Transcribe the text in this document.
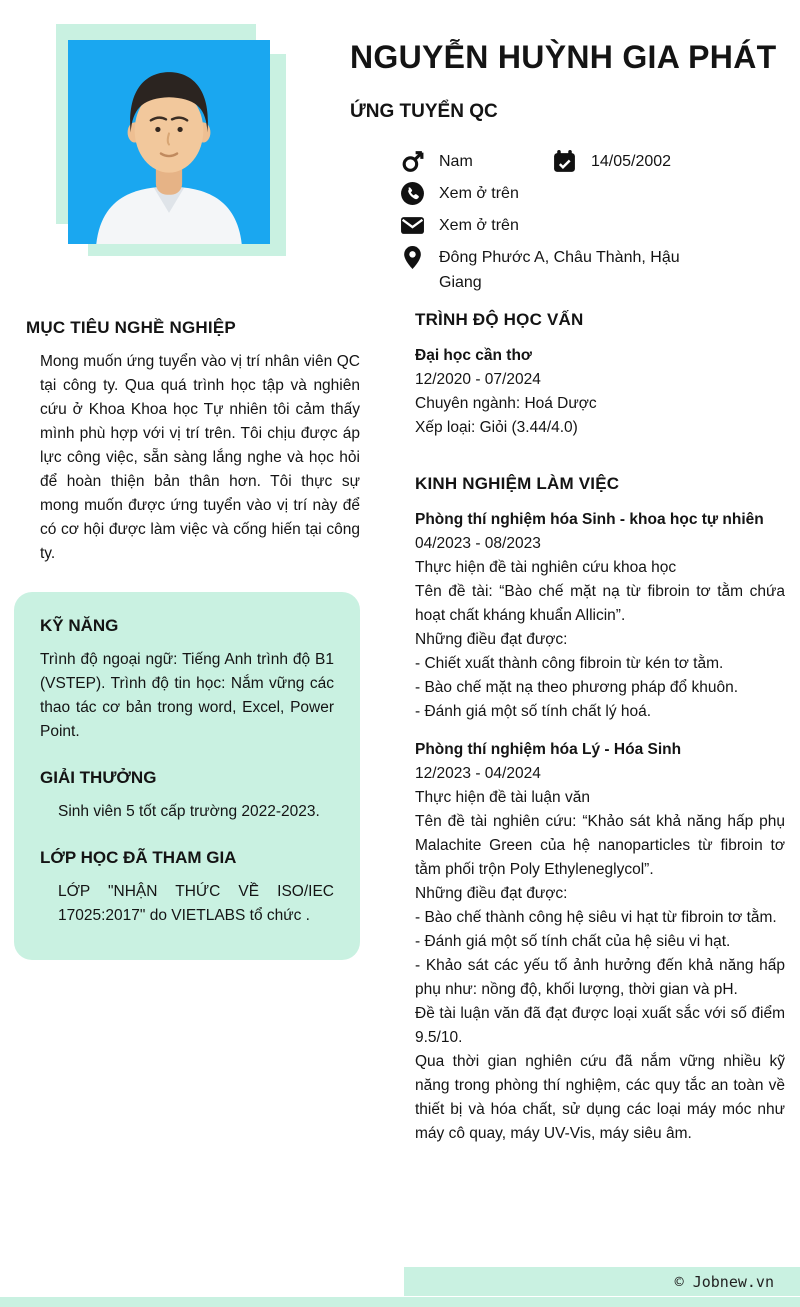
NGUYỄN HUỲNH GIA PHÁT
ỨNG TUYỂN QC
Nam	14/05/2002
Xem ở trên
Xem ở trên
Đông Phước A, Châu Thành, Hậu Giang
MỤC TIÊU NGHỀ NGHIỆP

Mong muốn ứng tuyển vào vị trí nhân viên QC tại công ty. Qua quá trình học tập và nghiên cứu ở Khoa Khoa học Tự nhiên tôi cảm thấy mình phù hợp với vị trí trên. Tôi chịu được áp lực công việc, sẵn sàng lắng nghe và học hỏi để hoàn thiện bản thân hơn. Tôi thực sự mong muốn được ứng tuyển vào vị trí này để có cơ hội được làm việc và cống hiến tại công ty.

KỸ NĂNG

Trình độ ngoại ngữ: Tiếng Anh trình độ B1 (VSTEP). Trình độ tin học: Nắm vững các thao tác cơ bản trong word, Excel, Power Point.

GIẢI THƯỞNG

Sinh viên 5 tốt cấp trường 2022-2023.

LỚP HỌC ĐÃ THAM GIA

LỚP "NHẬN THỨC VỀ ISO/IEC 17025:2017" do VIETLABS tổ chức .

TRÌNH ĐỘ HỌC VẤN

Đại học cần thơ

12/2020 - 07/2024

Chuyên ngành: Hoá Dược

Xếp loại: Giỏi (3.44/4.0)

KINH NGHIỆM LÀM VIỆC

Phòng thí nghiệm hóa Sinh - khoa học tự nhiên

04/2023 - 08/2023

Thực hiện đề tài nghiên cứu khoa học

Tên đề tài: “Bào chế mặt nạ từ fibroin tơ tằm chứa hoạt chất kháng khuẩn Allicin”.

Những điều đạt được:

- Chiết xuất thành công fibroin từ kén tơ tằm.

- Bào chế mặt nạ theo phương pháp đổ khuôn.

- Đánh giá một số tính chất lý hoá.

Phòng thí nghiệm hóa Lý - Hóa Sinh

12/2023 - 04/2024

Thực hiện đề tài luận văn

Tên đề tài nghiên cứu: “Khảo sát khả năng hấp phụ Malachite Green của hệ nanoparticles từ fibroin tơ tằm phối trộn Poly Ethyleneglycol”.

Những điều đạt được:

- Bào chế thành công hệ siêu vi hạt từ fibroin tơ tằm.

- Đánh giá một số tính chất của hệ siêu vi hạt.

- Khảo sát các yếu tố ảnh hưởng đến khả năng hấp phụ như: nồng độ, khối lượng, thời gian và pH.

Đề tài luận văn đã đạt được loại xuất sắc với số điểm 9.5/10.

Qua thời gian nghiên cứu đã nắm vững nhiều kỹ năng trong phòng thí nghiệm, các quy tắc an toàn về thiết bị và hóa chất, sử dụng các loại máy móc như máy cô quay, máy UV-Vis, máy siêu âm.

© Jobnew.vn
